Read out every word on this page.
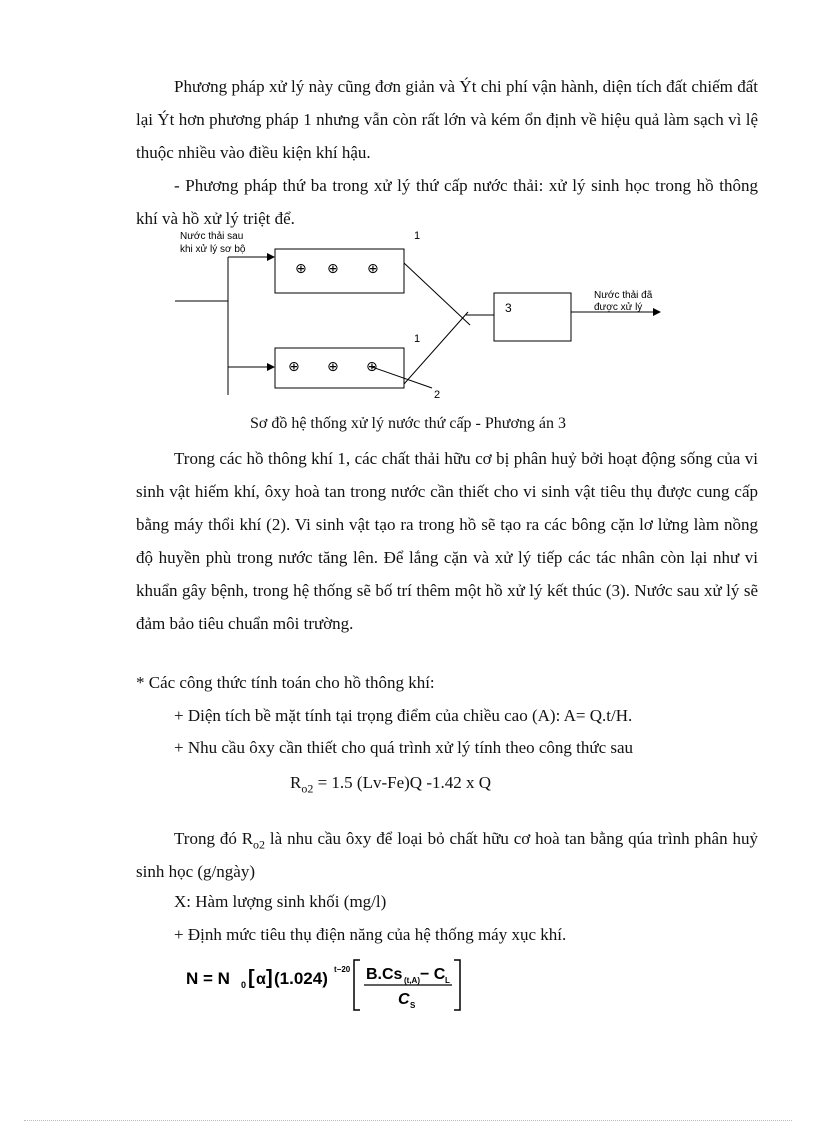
Phương pháp xử lý này cũng đơn giản và Ýt chi phí vận hành, diện tích đất chiếm đất lại Ýt hơn phương pháp 1 nhưng vẫn còn rất lớn và kém ổn định về hiệu quả làm sạch vì lệ thuộc nhiều vào điều kiện khí hậu.

- Phương pháp thứ ba trong xử lý thứ cấp nước thải: xử lý sinh học trong hồ thông khí và hồ xử lý triệt để.

Nước thải sau
khi xử lý sơ bộ
1
⊕ ⊕ ⊕
1
⊕ ⊕ ⊕
2
3
Nước thải đã
được xử lý
Sơ đồ hệ thống xử lý nước thứ cấp - Phương án 3

Trong các hồ thông khí 1, các chất thải hữu cơ bị phân huỷ bởi hoạt động sống của vi sinh vật hiếm khí, ôxy hoà tan trong nước cần thiết cho vi sinh vật tiêu thụ được cung cấp bằng máy thổi khí (2). Vi sinh vật tạo ra trong hồ sẽ tạo ra các bông cặn lơ lửng làm nồng độ huyền phù trong nước tăng lên. Để lắng cặn và xử lý tiếp các tác nhân còn lại như vi khuẩn gây bệnh, trong hệ thống sẽ bố trí thêm một hồ xử lý kết thúc (3). Nước sau xử lý sẽ đảm bảo tiêu chuẩn môi trường.

* Các công thức tính toán cho hồ thông khí:

+ Diện tích bề mặt tính tại trọng điểm của chiều cao (A): A= Q.t/H.

+ Nhu cầu ôxy cần thiết cho quá trình xử lý tính theo công thức sau

$R_{o2} = 1.5$ (Lv-Fe)Q -1.42 x Q

Trong đó $R_{o2}$ là nhu cầu ôxy để loại bỏ chất hữu cơ hoà tan bằng qúa trình phân huỷ sinh học (g/ngày)

X: Hàm lượng sinh khối (mg/l)

+ Định mức tiêu thụ điện năng của hệ thống máy xục khí.

N = N 0 [ α ] (1.024) t−20 B.Cs (t,A) − C L
C S
